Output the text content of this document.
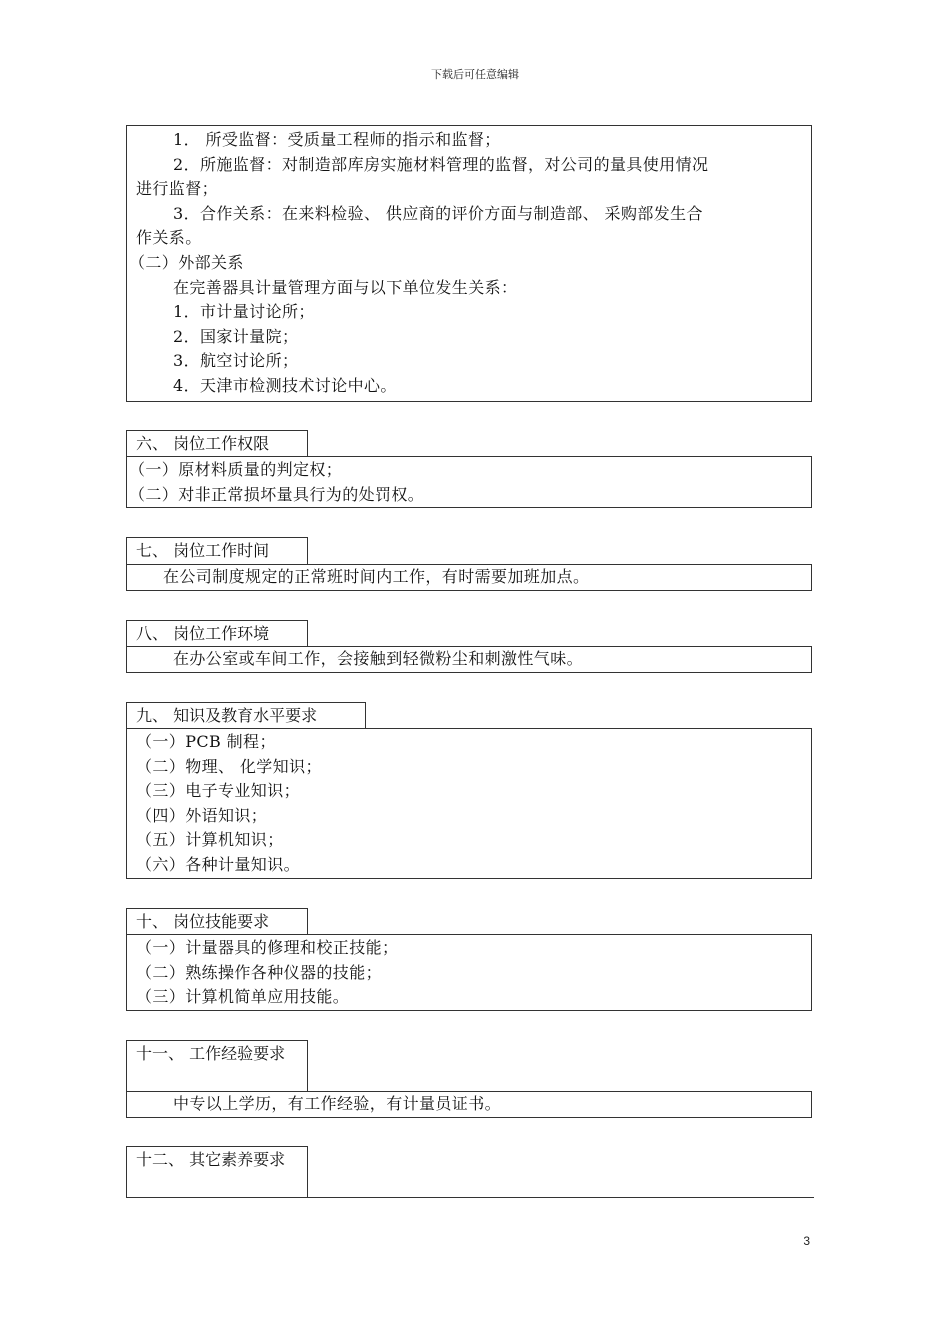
下载后可任意编辑
1． 所受监督：受质量工程师的指示和监督；
2．所施监督：对制造部库房实施材料管理的监督，对公司的量具使用情况
进行监督；
3．合作关系：在来料检验、 供应商的评价方面与制造部、 采购部发生合
作关系。
（二）外部关系
在完善器具计量管理方面与以下单位发生关系：
1．市计量讨论所；
2．国家计量院；
3．航空讨论所；
4．天津市检测技术讨论中心。
六、 岗位工作权限
（一）原材料质量的判定权；
（二）对非正常损坏量具行为的处罚权。
七、 岗位工作时间
在公司制度规定的正常班时间内工作，有时需要加班加点。
八、 岗位工作环境
在办公室或车间工作，会接触到轻微粉尘和刺激性气味。
九、 知识及教育水平要求
（一）PCB 制程；
（二）物理、 化学知识；
（三）电子专业知识；
（四）外语知识；
（五）计算机知识；
（六）各种计量知识。
十、 岗位技能要求
（一）计量器具的修理和校正技能；
（二）熟练操作各种仪器的技能；
（三）计算机简单应用技能。
十一、 工作经验要求
中专以上学历，有工作经验，有计量员证书。
十二、 其它素养要求
3
